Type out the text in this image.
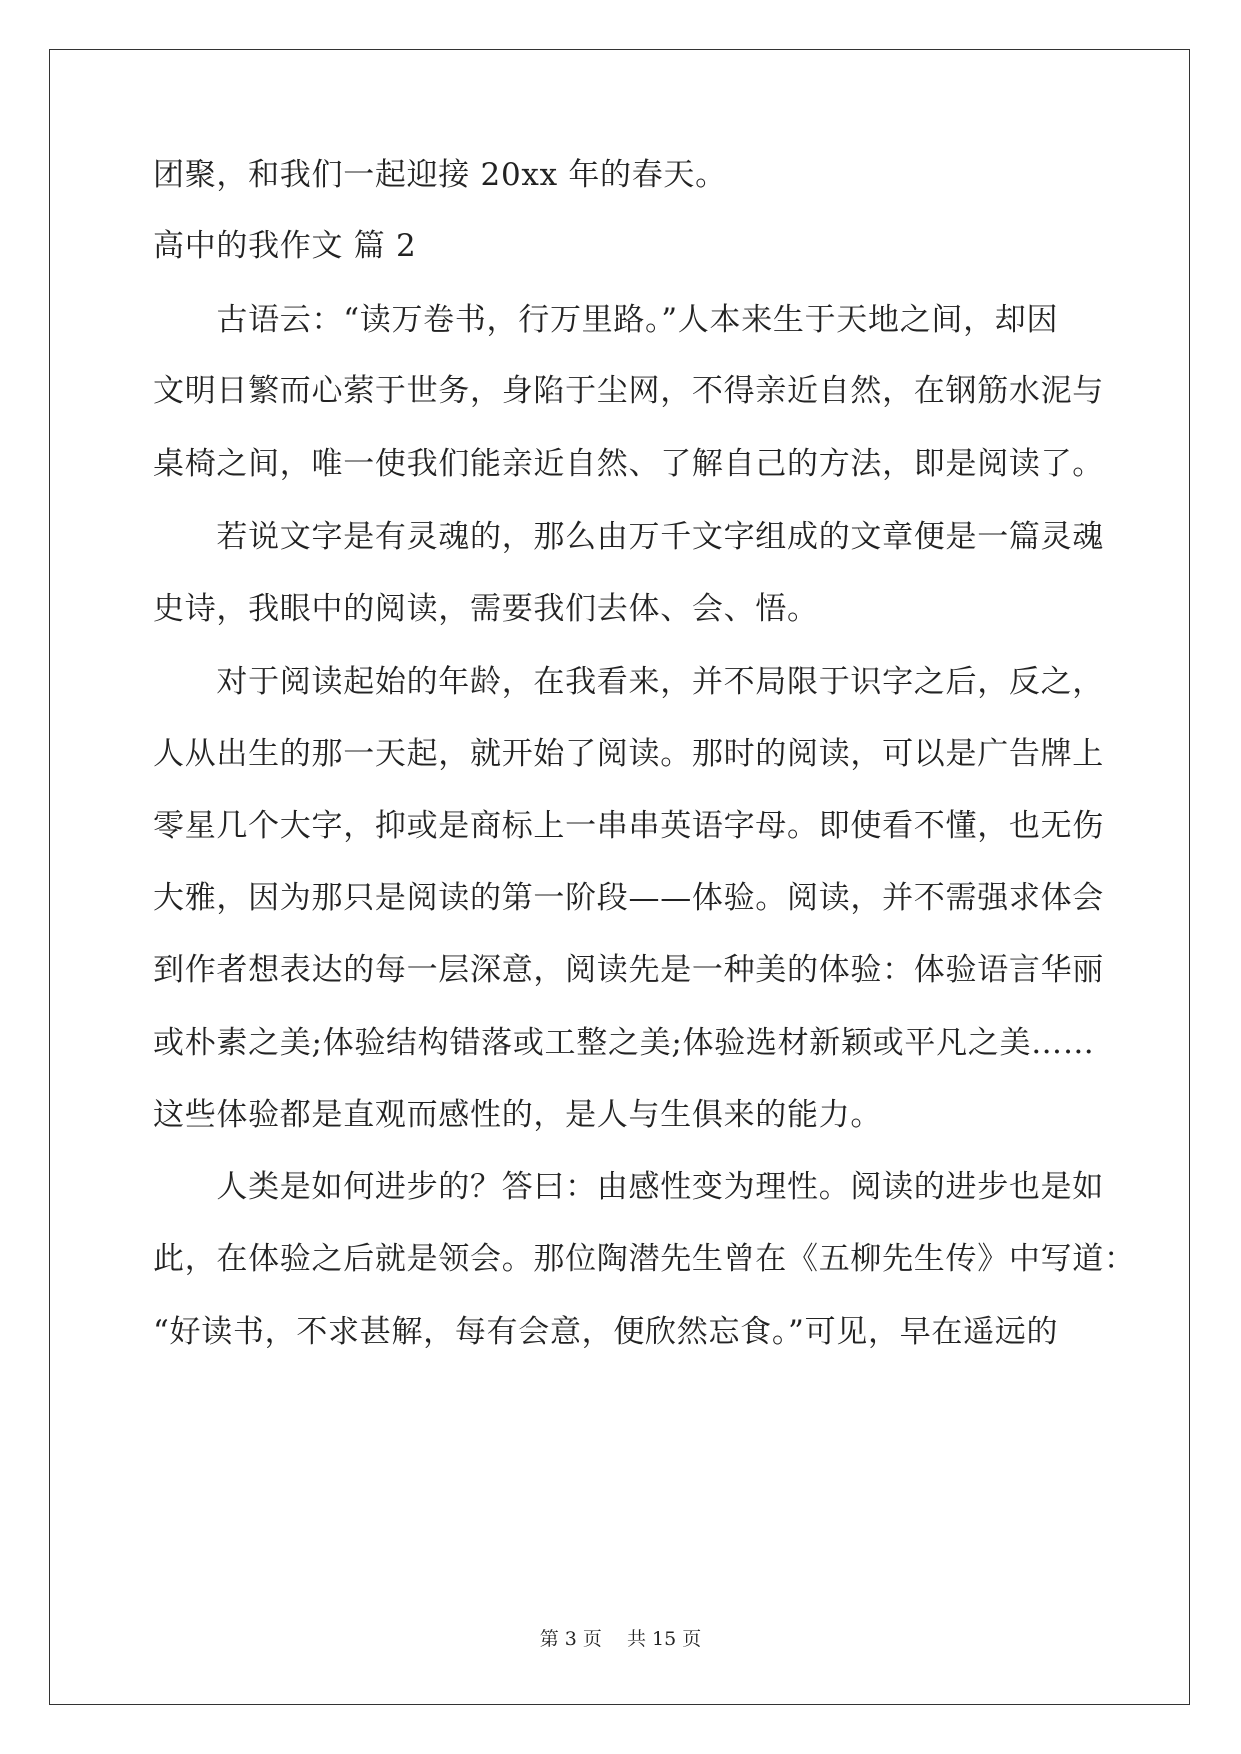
团聚，和我们一起迎接 20xx 年的春天。
高中的我作文 篇 2
　　古语云：“读万卷书，行万里路。”人本来生于天地之间，却因
文明日繁而心萦于世务，身陷于尘网，不得亲近自然，在钢筋水泥与
桌椅之间，唯一使我们能亲近自然、了解自己的方法，即是阅读了。
　　若说文字是有灵魂的，那么由万千文字组成的文章便是一篇灵魂
史诗，我眼中的阅读，需要我们去体、会、悟。
　　对于阅读起始的年龄，在我看来，并不局限于识字之后，反之，
人从出生的那一天起，就开始了阅读。那时的阅读，可以是广告牌上
零星几个大字，抑或是商标上一串串英语字母。即使看不懂，也无伤
大雅，因为那只是阅读的第一阶段——体验。阅读，并不需强求体会
到作者想表达的每一层深意，阅读先是一种美的体验：体验语言华丽
或朴素之美;体验结构错落或工整之美;体验选材新颖或平凡之美……
这些体验都是直观而感性的，是人与生俱来的能力。
　　人类是如何进步的？答曰：由感性变为理性。阅读的进步也是如
此，在体验之后就是领会。那位陶潜先生曾在《五柳先生传》中写道：
“好读书，不求甚解，每有会意，便欣然忘食。”可见，早在遥远的
第 3 页　 共 15 页
